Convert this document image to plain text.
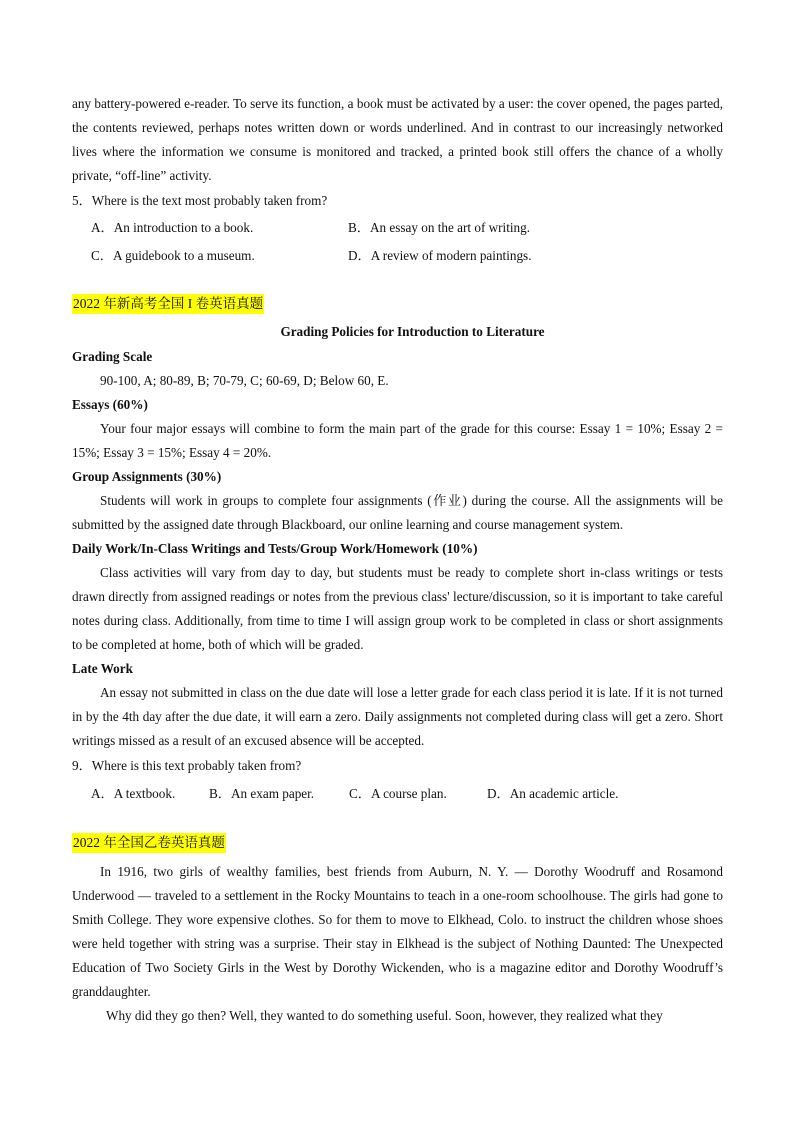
any battery-powered e-reader. To serve its function, a book must be activated by a user: the cover opened, the pages parted, the contents reviewed, perhaps notes written down or words underlined. And in contrast to our increasingly networked lives where the information we consume is monitored and tracked, a printed book still offers the chance of a wholly private, “off-line” activity.

5．Where is the text most probably taken from?
A．An introduction to a book.	B．An essay on the art of writing.
C．A guidebook to a museum.	D．A review of modern paintings.
2022 年新高考全国 I 卷英语真题
Grading Policies for Introduction to Literature
Grading Scale

90-100, A; 80-89, B; 70-79, C; 60-69, D; Below 60, E.

Essays (60%)

Your four major essays will combine to form the main part of the grade for this course: Essay 1 = 10%; Essay 2 = 15%; Essay 3 = 15%; Essay 4 = 20%.

Group Assignments (30%)

Students will work in groups to complete four assignments (作业) during the course. All the assignments will be submitted by the assigned date through Blackboard, our online learning and course management system.

Daily Work/In-Class Writings and Tests/Group Work/Homework (10%)

Class activities will vary from day to day, but students must be ready to complete short in-class writings or tests drawn directly from assigned readings or notes from the previous class' lecture/discussion, so it is important to take careful notes during class. Additionally, from time to time I will assign group work to be completed in class or short assignments to be completed at home, both of which will be graded.

Late Work

An essay not submitted in class on the due date will lose a letter grade for each class period it is late. If it is not turned in by the 4th day after the due date, it will earn a zero. Daily assignments not completed during class will get a zero. Short writings missed as a result of an excused absence will be accepted.

9．Where is this text probably taken from?
A．A textbook.	B．An exam paper.	C．A course plan.	D．An academic article.
2022 年全国乙卷英语真题

In 1916, two girls of wealthy families, best friends from Auburn, N. Y. — Dorothy Woodruff and Rosamond Underwood — traveled to a settlement in the Rocky Mountains to teach in a one-room schoolhouse. The girls had gone to Smith College. They wore expensive clothes. So for them to move to Elkhead, Colo. to instruct the children whose shoes were held together with string was a surprise. Their stay in Elkhead is the subject of Nothing Daunted: The Unexpected Education of Two Society Girls in the West by Dorothy Wickenden, who is a magazine editor and Dorothy Woodruff’s granddaughter.

Why did they go then? Well, they wanted to do something useful. Soon, however, they realized what they
